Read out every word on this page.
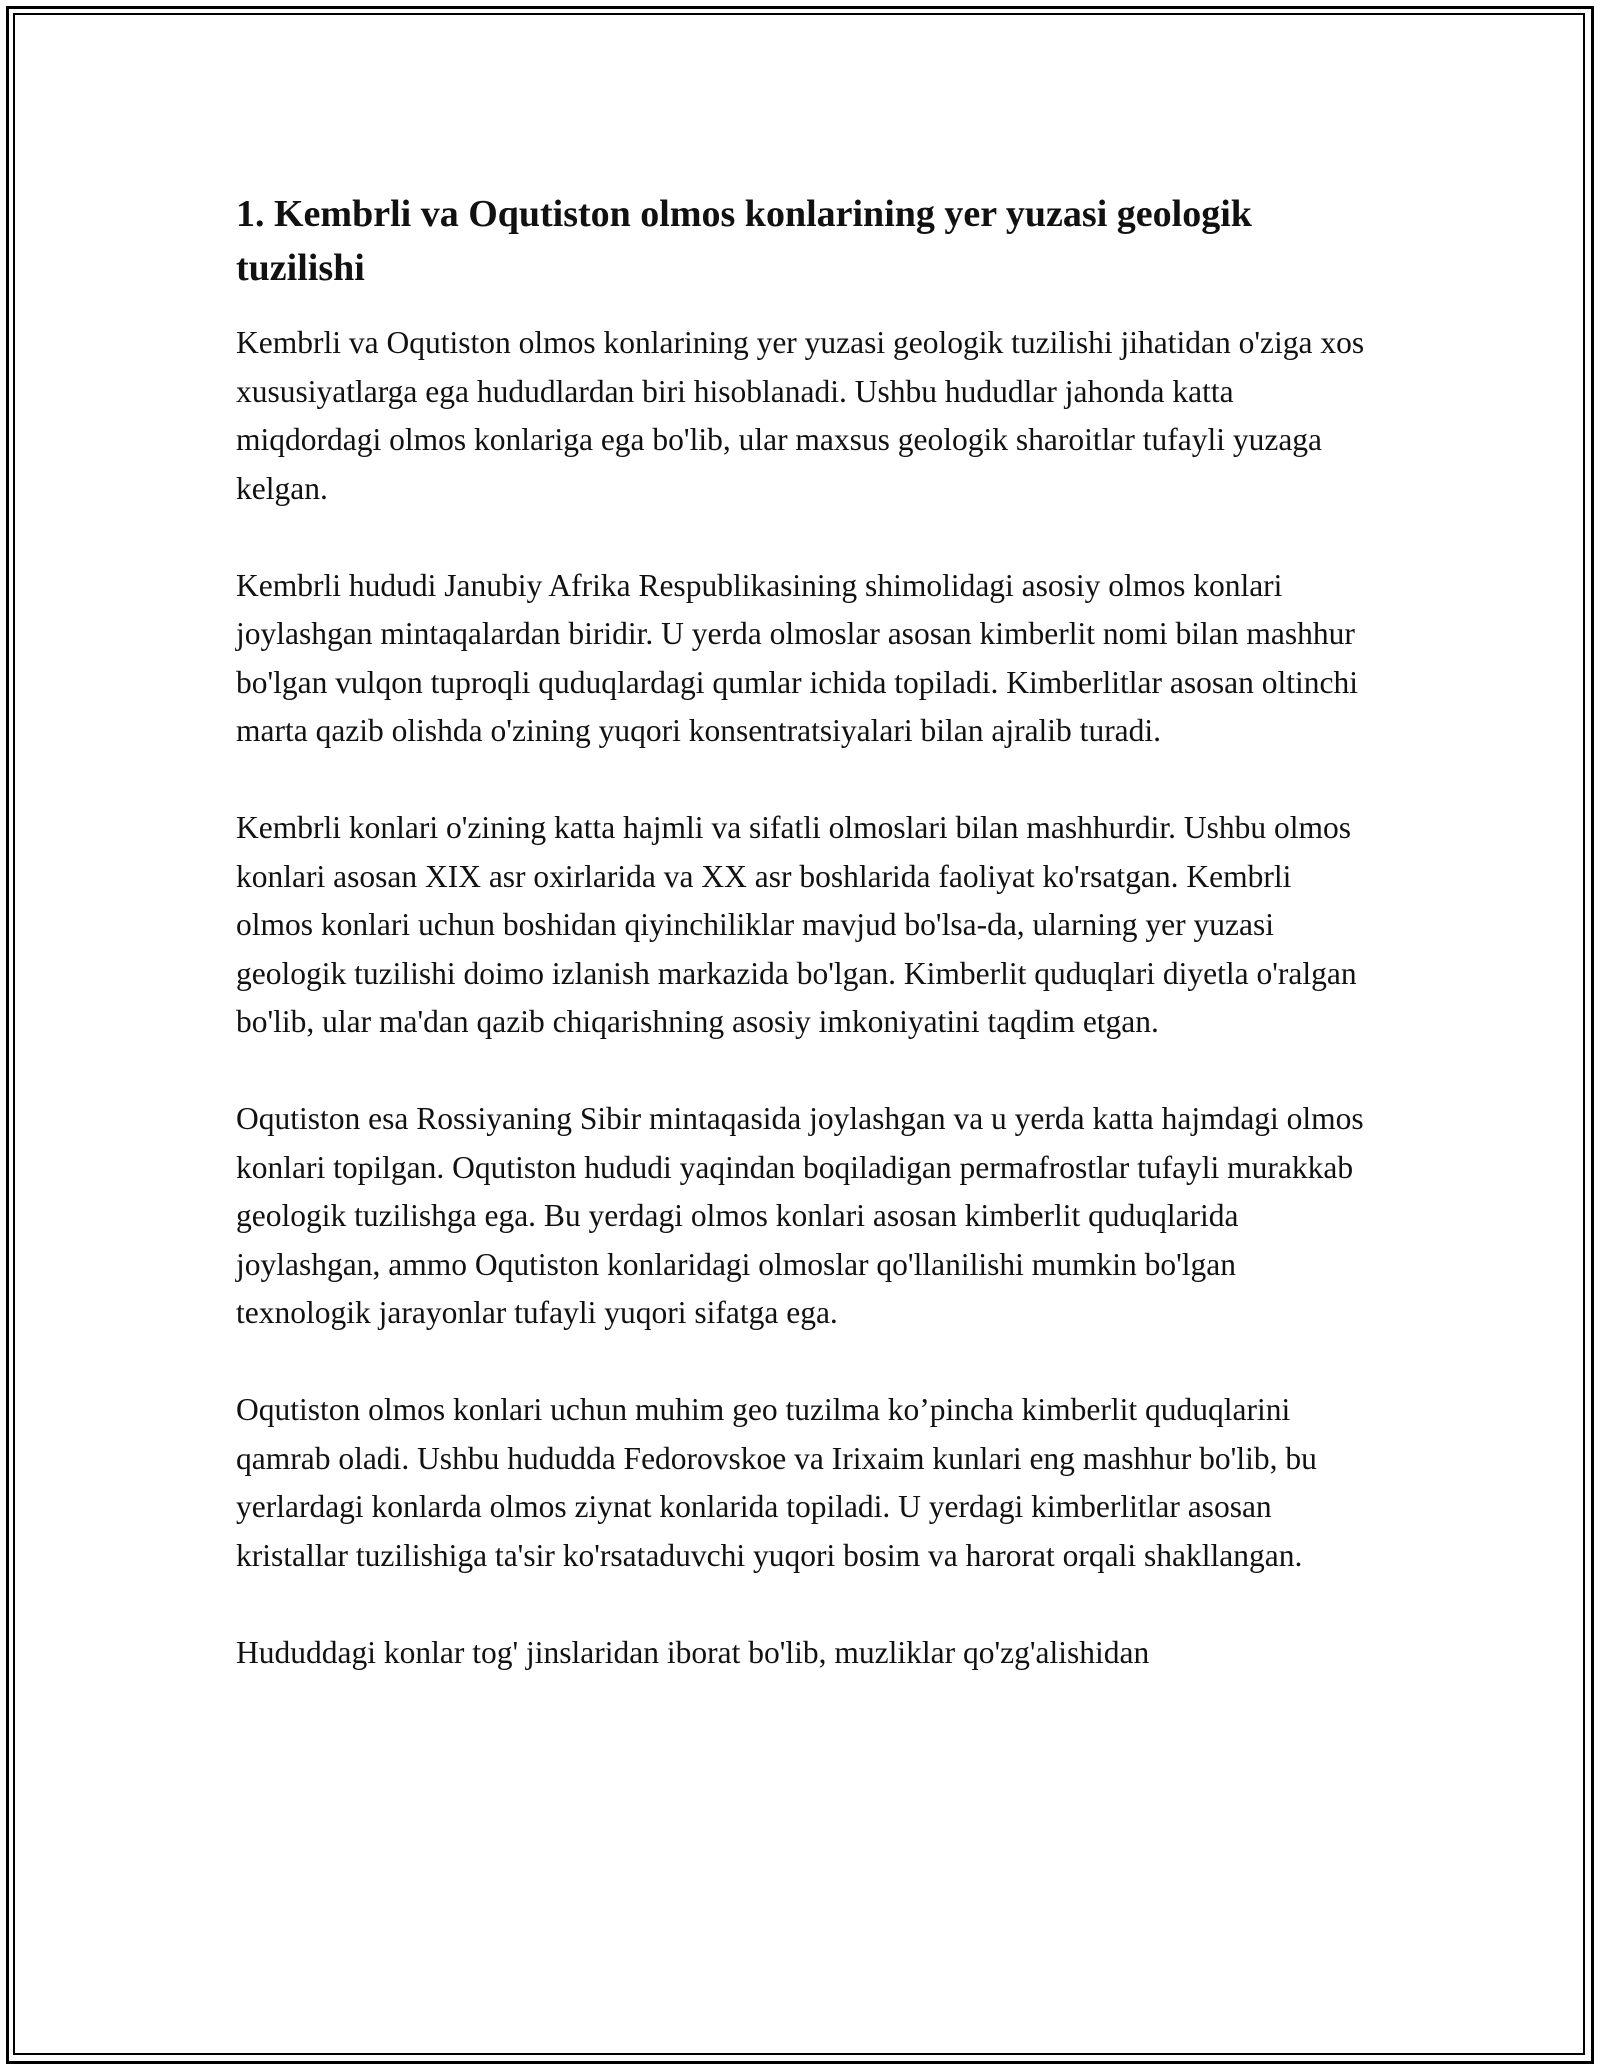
1. Kembrli va Oqutiston olmos konlarining yer yuzasi geologik tuzilishi

Kembrli va Oqutiston olmos konlarining yer yuzasi geologik tuzilishi jihatidan o'ziga xos xususiyatlarga ega hududlardan biri hisoblanadi. Ushbu hududlar jahonda katta miqdordagi olmos konlariga ega bo'lib, ular maxsus geologik sharoitlar tufayli yuzaga kelgan.

Kembrli hududi Janubiy Afrika Respublikasining shimolidagi asosiy olmos konlari joylashgan mintaqalardan biridir. U yerda olmoslar asosan kimberlit nomi bilan mashhur bo'lgan vulqon tuproqli quduqlardagi qumlar ichida topiladi. Kimberlitlar asosan oltinchi marta qazib olishda o'zining yuqori konsentratsiyalari bilan ajralib turadi.

Kembrli konlari o'zining katta hajmli va sifatli olmoslari bilan mashhurdir. Ushbu olmos konlari asosan XIX asr oxirlarida va XX asr boshlarida faoliyat ko'rsatgan. Kembrli olmos konlari uchun boshidan qiyinchiliklar mavjud bo'lsa-da, ularning yer yuzasi geologik tuzilishi doimo izlanish markazida bo'lgan. Kimberlit quduqlari diyetla o'ralgan bo'lib, ular ma'dan qazib chiqarishning asosiy imkoniyatini taqdim etgan.

Oqutiston esa Rossiyaning Sibir mintaqasida joylashgan va u yerda katta hajmdagi olmos konlari topilgan. Oqutiston hududi yaqindan boqiladigan permafrostlar tufayli murakkab geologik tuzilishga ega. Bu yerdagi olmos konlari asosan kimberlit quduqlarida joylashgan, ammo Oqutiston konlaridagi olmoslar qo'llanilishi mumkin bo'lgan texnologik jarayonlar tufayli yuqori sifatga ega.

Oqutiston olmos konlari uchun muhim geo tuzilma ko’pincha kimberlit quduqlarini qamrab oladi. Ushbu hududda Fedorovskoe va Irixaim kunlari eng mashhur bo'lib, bu yerlardagi konlarda olmos ziynat konlarida topiladi. U yerdagi kimberlitlar asosan kristallar tuzilishiga ta'sir ko'rsataduvchi yuqori bosim va harorat orqali shakllangan.

Hududdagi konlar tog' jinslaridan iborat bo'lib, muzliklar qo'zg'alishidan
